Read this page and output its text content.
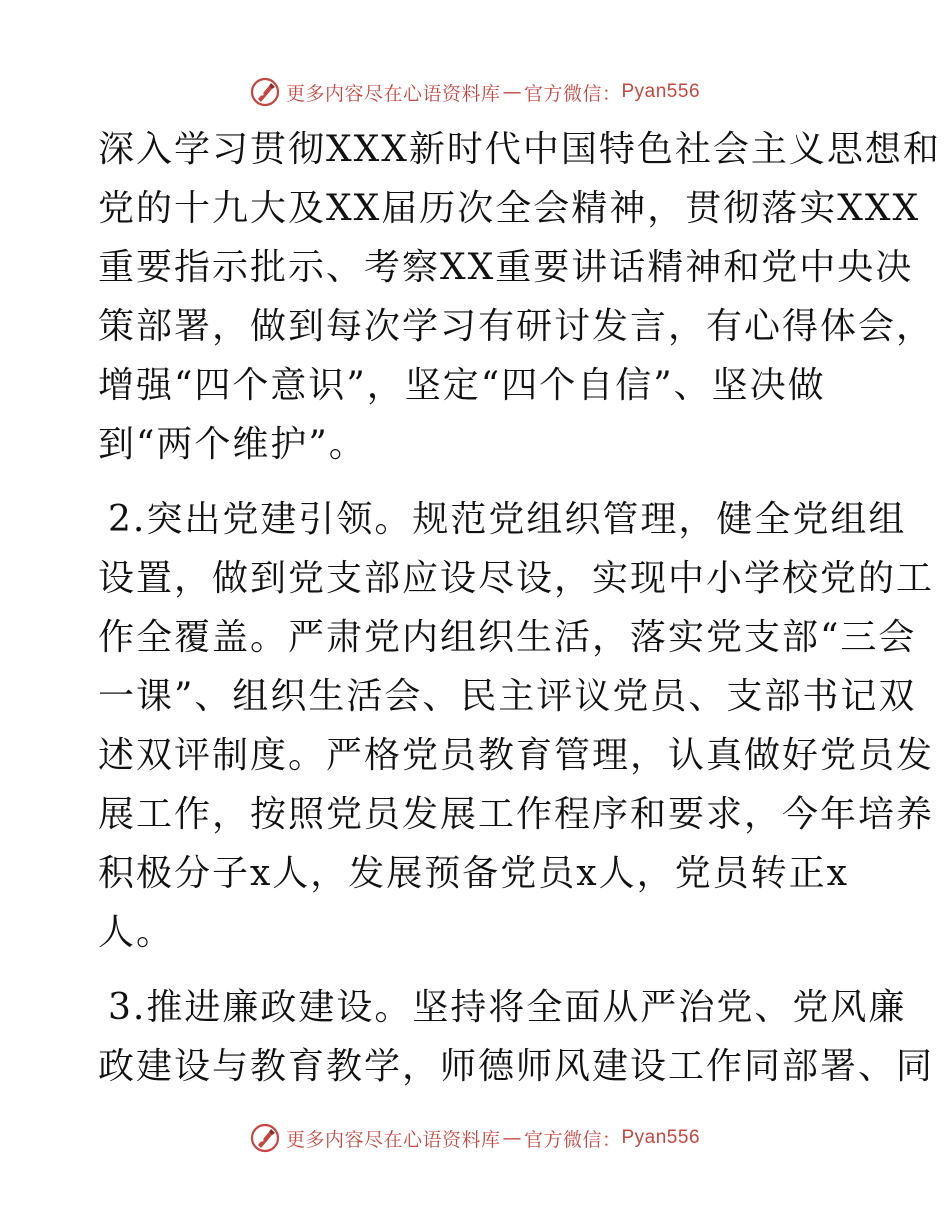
更多内容尽在心语资料库 — 官方微信： Pyan556

深入学习贯彻XXX新时代中国特色社会主义思想和
党的十九大及XX届历次全会精神，贯彻落实XXX
重要指示批示、考察XX重要讲话精神和党中央决
策部署，做到每次学习有研讨发言，有心得体会，
增强“四个意识”，坚定“四个自信”、坚决做
到“两个维护”。

2.突出党建引领。规范党组织管理，健全党组组
设置，做到党支部应设尽设，实现中小学校党的工
作全覆盖。严肃党内组织生活，落实党支部“三会
一课”、组织生活会、民主评议党员、支部书记双
述双评制度。严格党员教育管理，认真做好党员发
展工作，按照党员发展工作程序和要求，今年培养
积极分子x人，发展预备党员x人，党员转正x
人。

3.推进廉政建设。坚持将全面从严治党、党风廉
政建设与教育教学，师德师风建设工作同部署、同

更多内容尽在心语资料库 — 官方微信： Pyan556
